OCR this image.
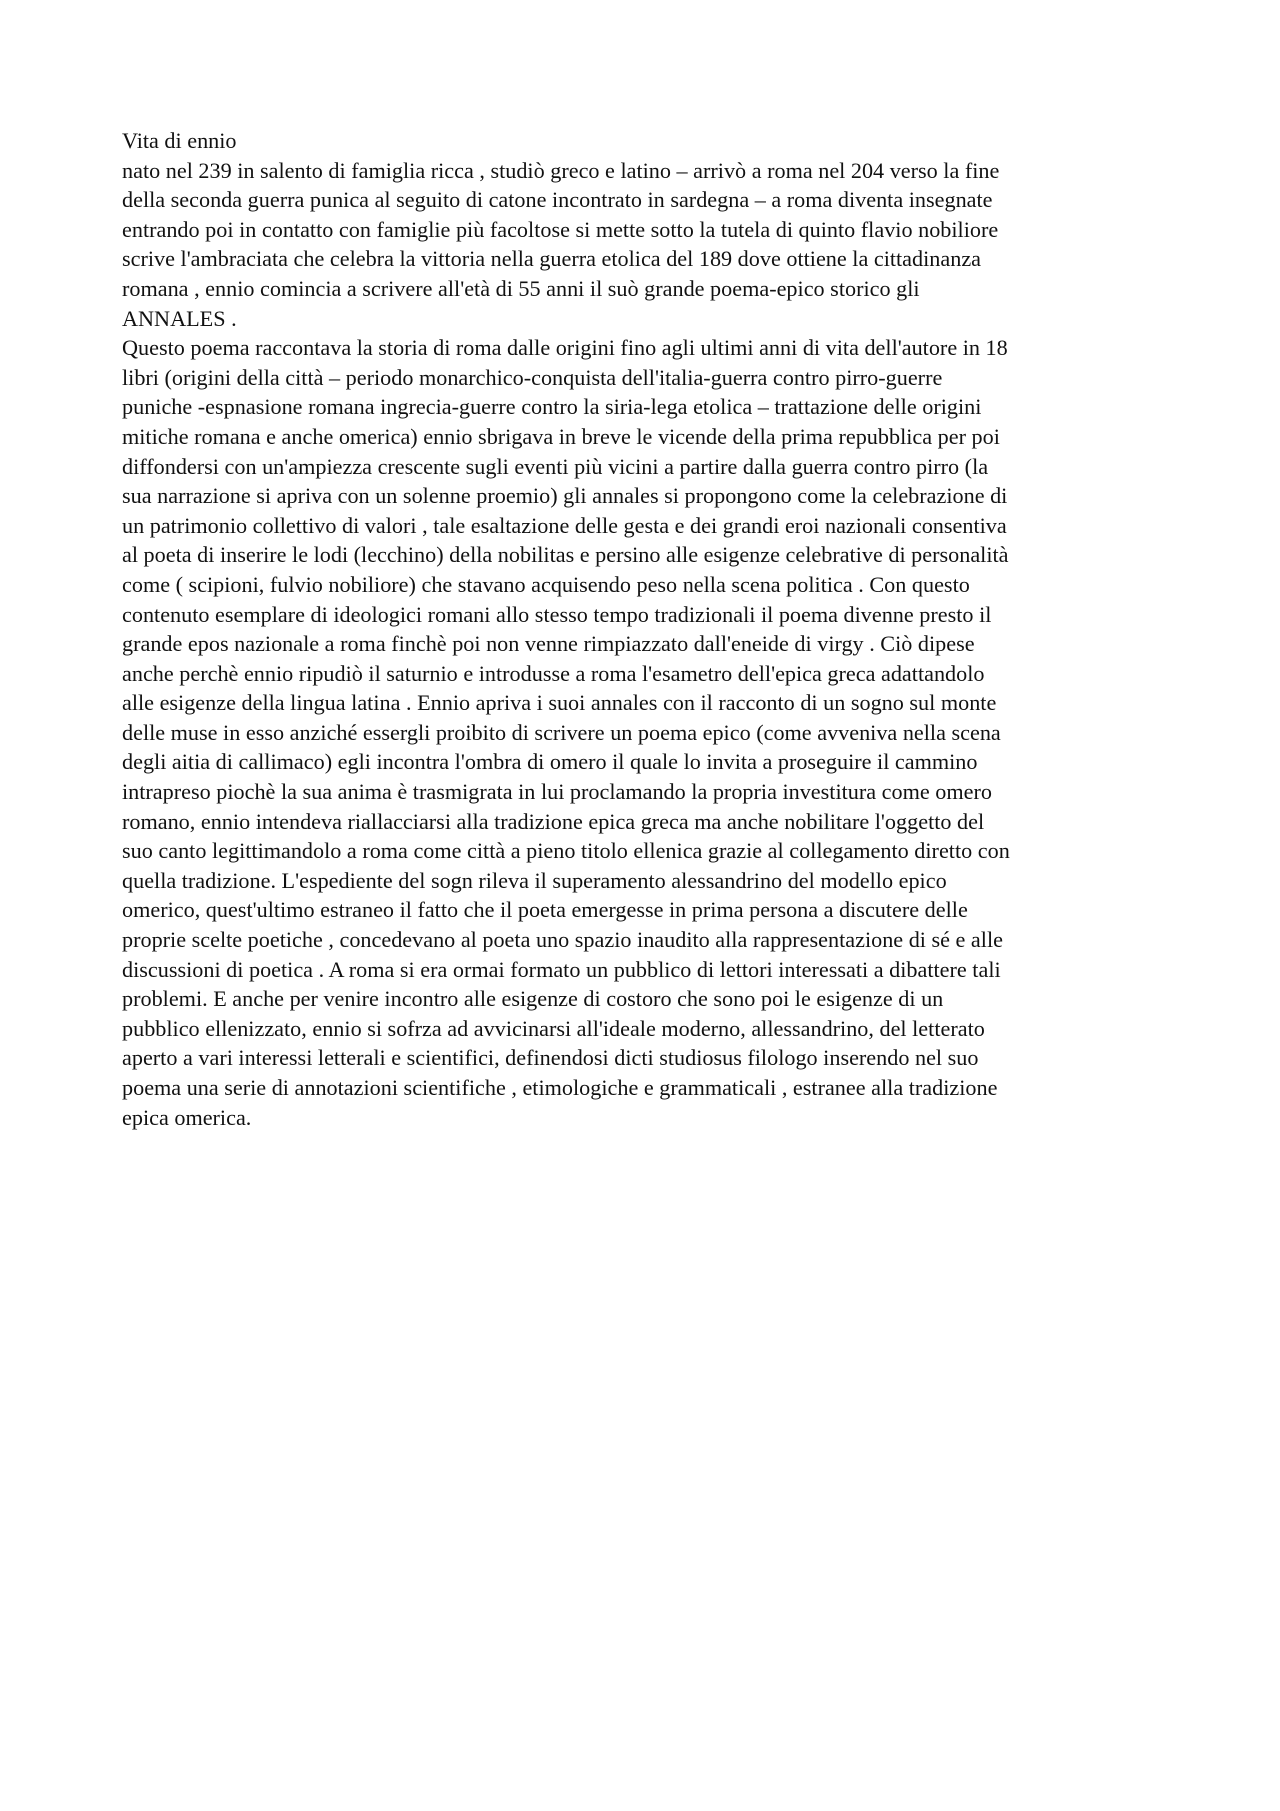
Vita di ennio
nato nel 239 in salento di famiglia ricca , studiò greco e latino – arrivò a roma nel 204 verso la fine
della seconda guerra punica al seguito di catone incontrato in sardegna – a roma diventa insegnate
entrando poi in contatto con famiglie più facoltose si mette sotto la tutela di quinto flavio nobiliore
scrive l'ambraciata che celebra la vittoria nella guerra etolica del 189 dove ottiene la cittadinanza
romana , ennio comincia a scrivere all'età di 55 anni il suò grande poema-epico storico gli
ANNALES .
Questo poema raccontava la storia di roma dalle origini fino agli ultimi anni di vita dell'autore in 18
libri (origini della città – periodo monarchico-conquista dell'italia-guerra contro pirro-guerre
puniche -espnasione romana ingrecia-guerre contro la siria-lega etolica – trattazione delle origini
mitiche romana e anche omerica) ennio sbrigava in breve le vicende della prima repubblica per poi
diffondersi con un'ampiezza crescente sugli eventi più vicini a partire dalla guerra contro pirro (la
sua narrazione si apriva con un solenne proemio) gli annales si propongono come la celebrazione di
un patrimonio collettivo di valori , tale esaltazione delle gesta e dei grandi eroi nazionali consentiva
al poeta di inserire le lodi (lecchino) della nobilitas e persino alle esigenze celebrative di personalità
come ( scipioni, fulvio nobiliore) che stavano acquisendo peso nella scena politica . Con questo
contenuto esemplare di ideologici romani allo stesso tempo tradizionali il poema divenne presto il
grande epos nazionale a roma finchè poi non venne rimpiazzato dall'eneide di virgy . Ciò dipese
anche perchè ennio ripudiò il saturnio e introdusse a roma l'esametro dell'epica greca adattandolo
alle esigenze della lingua latina . Ennio apriva i suoi annales con il racconto di un sogno sul monte
delle muse in esso anziché essergli proibito di scrivere un poema epico (come avveniva nella scena
degli aitia di callimaco) egli incontra l'ombra di omero il quale lo invita a proseguire il cammino
intrapreso piochè la sua anima è trasmigrata in lui proclamando la propria investitura come omero
romano, ennio intendeva riallacciarsi alla tradizione epica greca ma anche nobilitare l'oggetto del
suo canto legittimandolo a roma come città a pieno titolo ellenica grazie al collegamento diretto con
quella tradizione. L'espediente del sogn rileva il superamento alessandrino del modello epico
omerico, quest'ultimo estraneo il fatto che il poeta emergesse in prima persona a discutere delle
proprie scelte poetiche , concedevano al poeta uno spazio inaudito alla rappresentazione di sé e alle
discussioni di poetica . A roma si era ormai formato un pubblico di lettori interessati a dibattere tali
problemi. E anche per venire incontro alle esigenze di costoro che sono poi le esigenze di un
pubblico ellenizzato, ennio si sofrza ad avvicinarsi all'ideale moderno, allessandrino, del letterato
aperto a vari interessi letterali e scientifici, definendosi dicti studiosus filologo inserendo nel suo
poema una serie di annotazioni scientifiche , etimologiche e grammaticali , estranee alla tradizione
epica omerica.
